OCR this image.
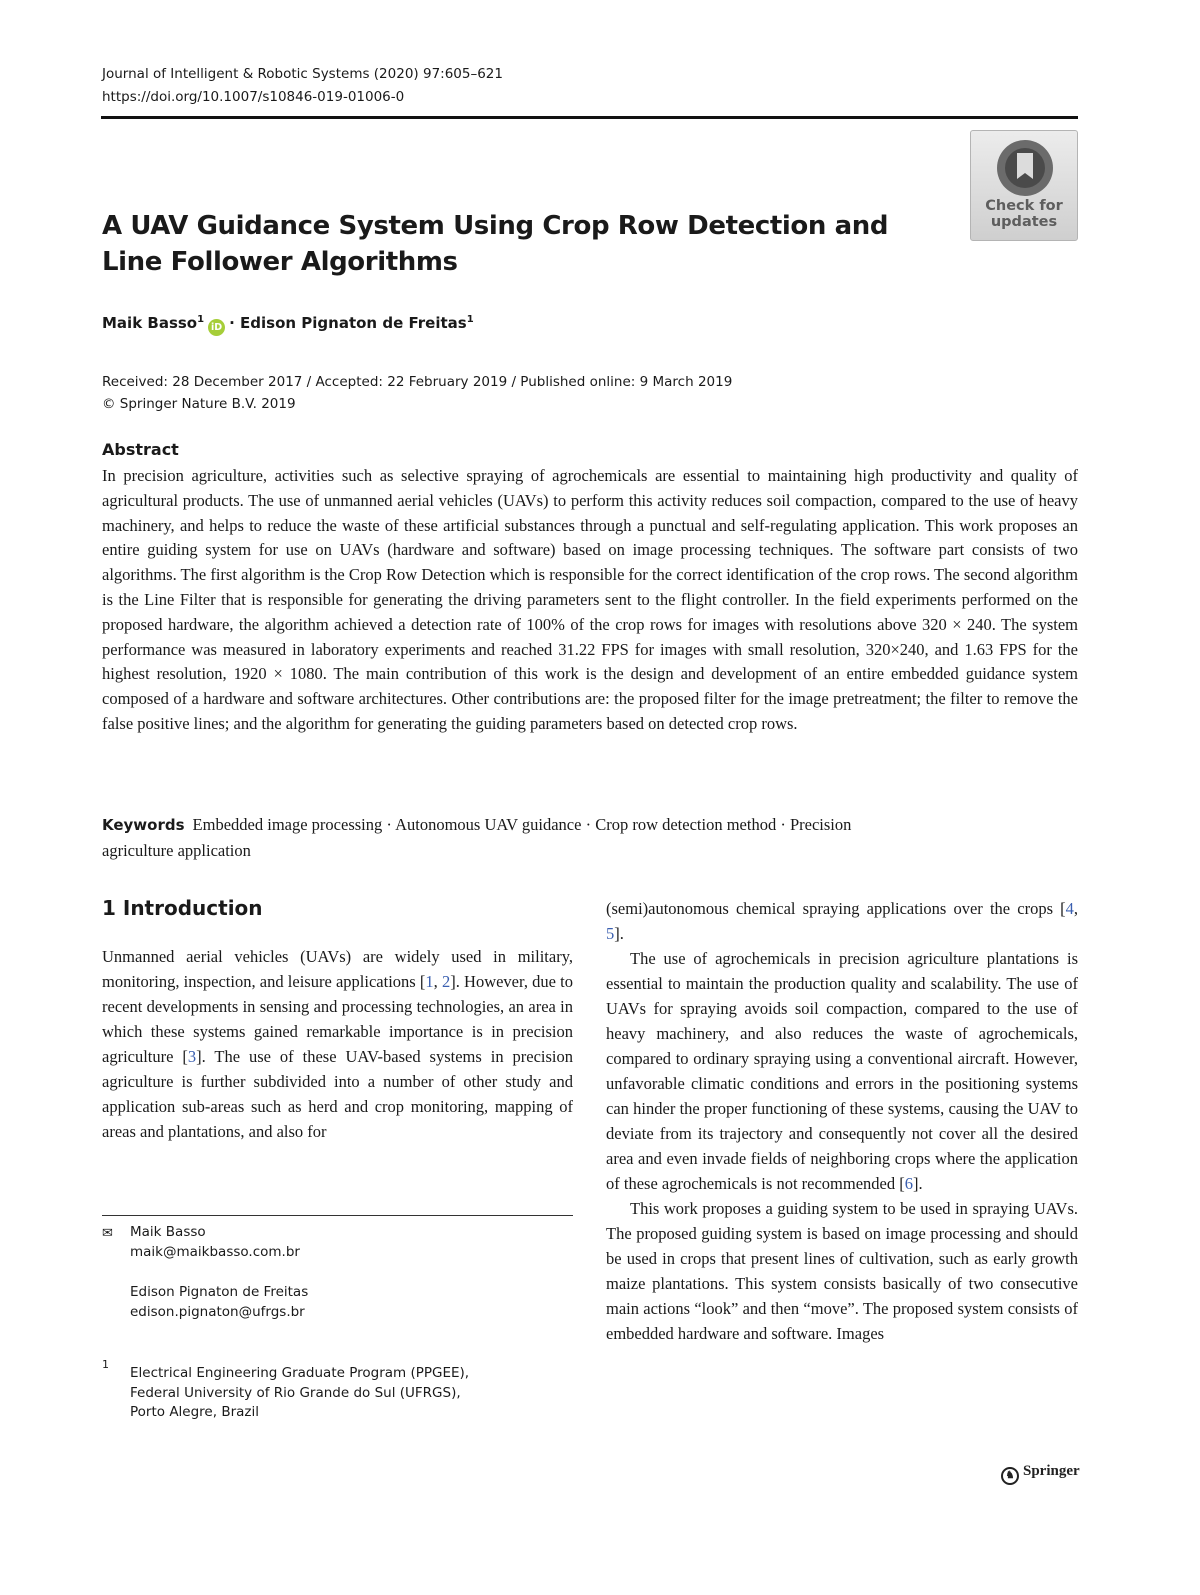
Journal of Intelligent & Robotic Systems (2020) 97:605–621
https://doi.org/10.1007/s10846-019-01006-0
Check for updates
A UAV Guidance System Using Crop Row Detection and Line Follower Algorithms
Maik Basso$^1$iD · Edison Pignaton de Freitas$^1$
Received: 28 December 2017 / Accepted: 22 February 2019 / Published online: 9 March 2019
© Springer Nature B.V. 2019
Abstract
In precision agriculture, activities such as selective spraying of agrochemicals are essential to maintaining high productivity and quality of agricultural products. The use of unmanned aerial vehicles (UAVs) to perform this activity reduces soil compaction, compared to the use of heavy machinery, and helps to reduce the waste of these artificial substances through a punctual and self-regulating application. This work proposes an entire guiding system for use on UAVs (hardware and software) based on image processing techniques. The software part consists of two algorithms. The first algorithm is the Crop Row Detection which is responsible for the correct identification of the crop rows. The second algorithm is the Line Filter that is responsible for generating the driving parameters sent to the flight controller. In the field experiments performed on the proposed hardware, the algorithm achieved a detection rate of 100% of the crop rows for images with resolutions above 320 × 240. The system performance was measured in laboratory experiments and reached 31.22 FPS for images with small resolution, 320×240, and 1.63 FPS for the highest resolution, 1920 × 1080. The main contribution of this work is the design and development of an entire embedded guidance system composed of a hardware and software architectures. Other contributions are: the proposed filter for the image pretreatment; the filter to remove the false positive lines; and the algorithm for generating the guiding parameters based on detected crop rows.
Keywords Embedded image processing · Autonomous UAV guidance · Crop row detection method · Precision agriculture application
1 Introduction

Unmanned aerial vehicles (UAVs) are widely used in military, monitoring, inspection, and leisure applications [1, 2]. However, due to recent developments in sensing and processing technologies, an area in which these systems gained remarkable importance is in precision agriculture [3]. The use of these UAV-based systems in precision agriculture is further subdivided into a number of other study and application sub-areas such as herd and crop monitoring, mapping of areas and plantations, and also for

(semi)autonomous chemical spraying applications over the crops [4, 5].

The use of agrochemicals in precision agriculture plantations is essential to maintain the production quality and scalability. The use of UAVs for spraying avoids soil compaction, compared to the use of heavy machinery, and also reduces the waste of agrochemicals, compared to ordinary spraying using a conventional aircraft. However, unfavorable climatic conditions and errors in the positioning systems can hinder the proper functioning of these systems, causing the UAV to deviate from its trajectory and consequently not cover all the desired area and even invade fields of neighboring crops where the application of these agrochemicals is not recommended [6].

This work proposes a guiding system to be used in spraying UAVs. The proposed guiding system is based on image processing and should be used in crops that present lines of cultivation, such as early growth maize plantations. This system consists basically of two consecutive main actions “look” and then “move”. The proposed system consists of embedded hardware and software. Images

✉ Maik Basso
maik@maikbasso.com.br
Edison Pignaton de Freitas
edison.pignaton@ufrgs.br
1
Electrical Engineering Graduate Program (PPGEE),
Federal University of Rio Grande do Sul (UFRGS),
Porto Alegre, Brazil
♞ Springer
